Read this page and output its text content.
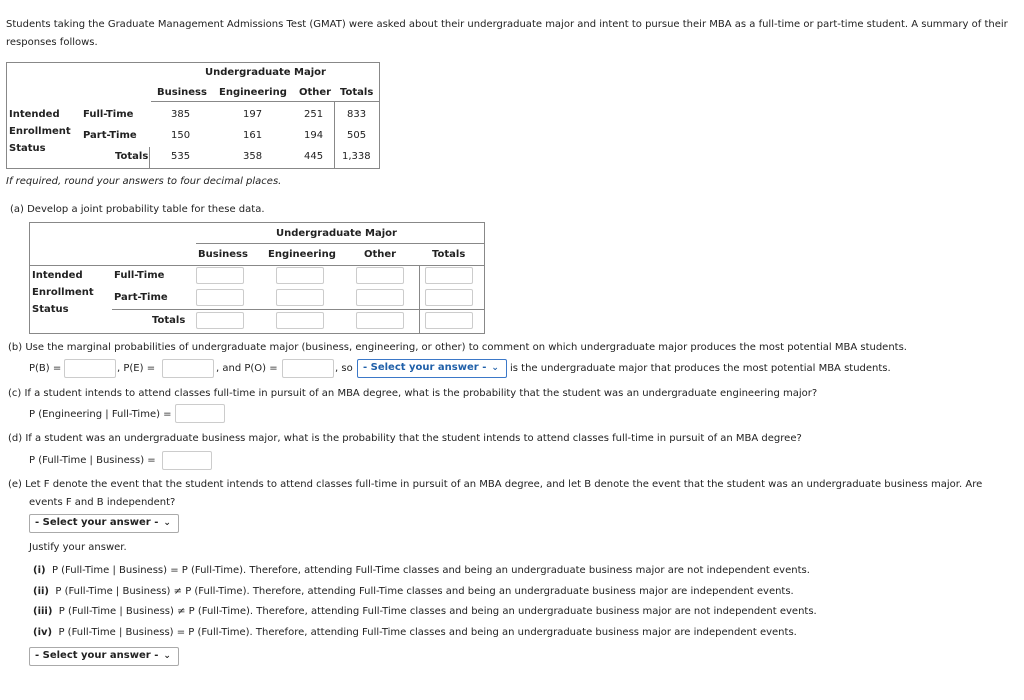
Students taking the Graduate Management Admissions Test (GMAT) were asked about their undergraduate major and intent to pursue their MBA as a full-time or part-time student. A summary of their responses follows.
Undergraduate Major
Business Engineering Other Totals
Intended
Enrollment
Status
Full-Time	385	197	251 833
Part-Time	150	161	194 505
Totals 535	358	445 1,338
If required, round your answers to four decimal places.
(a) Develop a joint probability table for these data.
Undergraduate Major
Business Engineering	Other	Totals
Intended
Enrollment
Status
Full-Time
Part-Time
Totals
(b) Use the marginal probabilities of undergraduate major (business, engineering, or other) to comment on which undergraduate major produces the most potential MBA students.
P(B) =	, P(E) =	, and P(O) =	, so	- Select your answer - ⌄	is the undergraduate major that produces the most potential MBA students.
(c) If a student intends to attend classes full-time in pursuit of an MBA degree, what is the probability that the student was an undergraduate engineering major?
P (Engineering | Full-Time) =
(d) If a student was an undergraduate business major, what is the probability that the student intends to attend classes full-time in pursuit of an MBA degree?
P (Full-Time | Business) =
(e) Let F denote the event that the student intends to attend classes full-time in pursuit of an MBA degree, and let B denote the event that the student was an undergraduate business major. Are
events F and B independent?
- Select your answer - ⌄
Justify your answer.
(i) P (Full-Time | Business) = P (Full-Time). Therefore, attending Full-Time classes and being an undergraduate business major are not independent events.
(ii) P (Full-Time | Business) ≠ P (Full-Time). Therefore, attending Full-Time classes and being an undergraduate business major are independent events.
(iii) P (Full-Time | Business) ≠ P (Full-Time). Therefore, attending Full-Time classes and being an undergraduate business major are not independent events.
(iv) P (Full-Time | Business) = P (Full-Time). Therefore, attending Full-Time classes and being an undergraduate business major are independent events.
- Select your answer - ⌄
